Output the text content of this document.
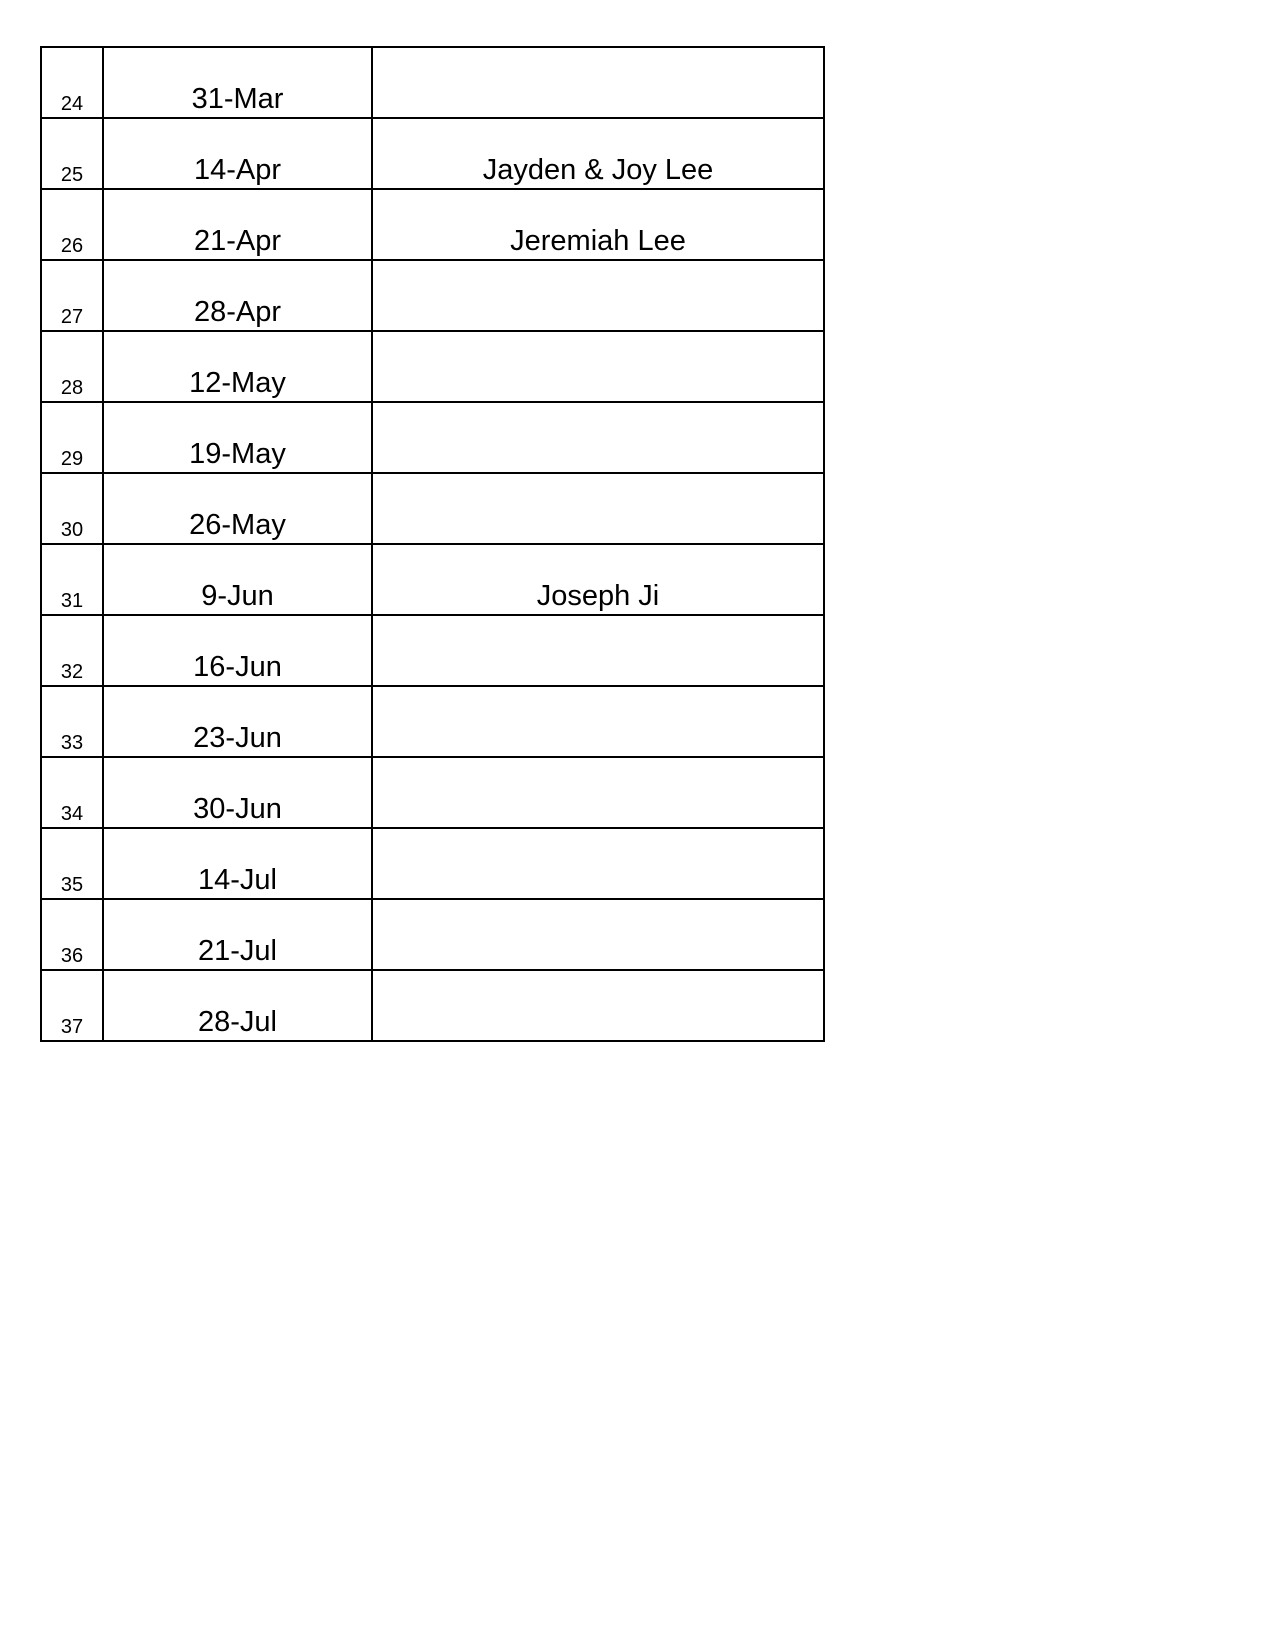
24	31-Mar	
25	14-Apr	Jayden & Joy Lee
26	21-Apr	Jeremiah Lee
27	28-Apr	
28	12-May	
29	19-May	
30	26-May	
31	9-Jun	Joseph Ji
32	16-Jun	
33	23-Jun	
34	30-Jun	
35	14-Jul	
36	21-Jul	
37	28-Jul	
